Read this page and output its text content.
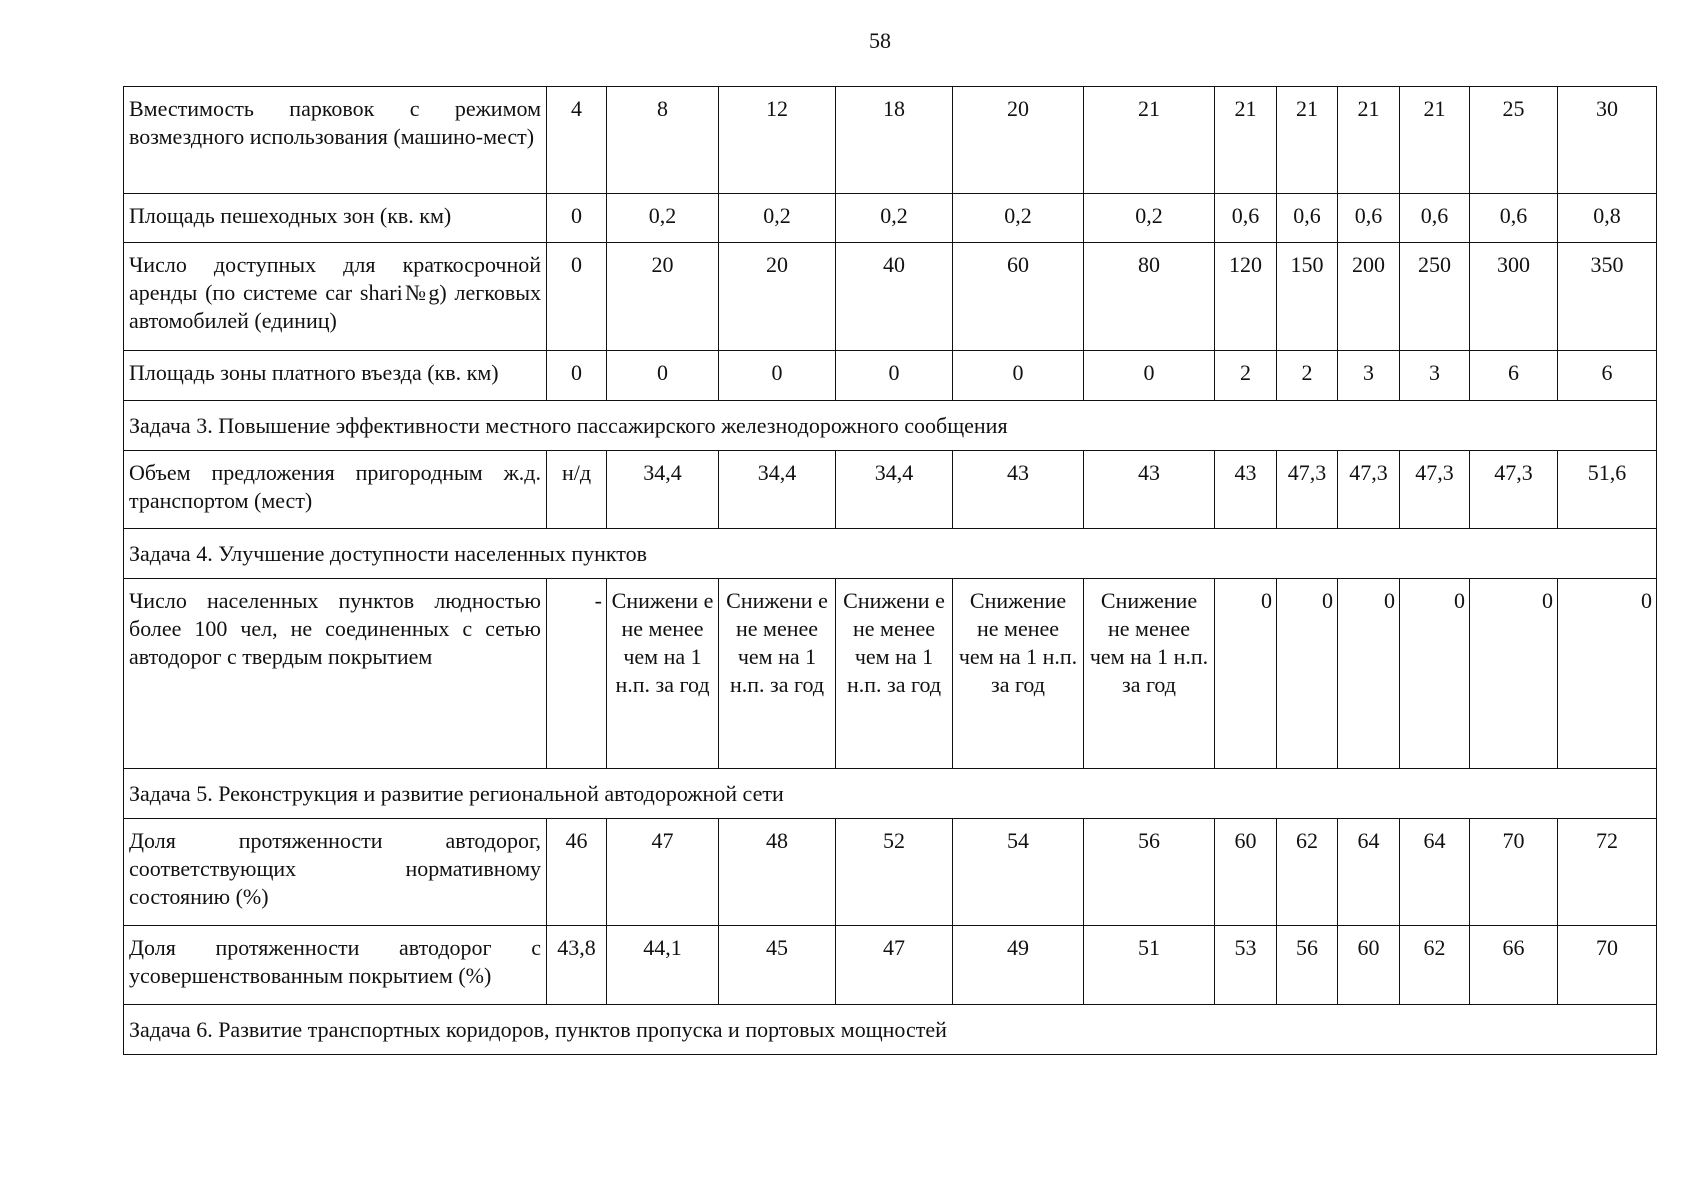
58
Вместимость парковок с режимом возмездного использования (машино-мест)	4	8	12	18	20	21	21	21	21	21	25	30
Площадь пешеходных зон (кв. км)	0	0,2	0,2	0,2	0,2	0,2	0,6	0,6	0,6	0,6	0,6	0,8
Число доступных для краткосрочной аренды (по системе car shari№g) легковых автомобилей (единиц)	0	20	20	40	60	80	120	150	200	250	300	350
Площадь зоны платного въезда (кв. км)	0	0	0	0	0	0	2	2	3	3	6	6
Задача 3. Повышение эффективности местного пассажирского железнодорожного сообщения												
Объем предложения пригородным ж.д. транспортом (мест)	н/д	34,4	34,4	34,4	43	43	43	47,3	47,3	47,3	47,3	51,6
Задача 4. Улучшение доступности населенных пунктов												
Число населенных пунктов людностью более 100 чел, не соединенных с сетью автодорог с твердым покрытием	-	Снижени е не менее чем на 1 н.п. за год	Снижени е не менее чем на 1 н.п. за год	Снижени е не менее чем на 1 н.п. за год	Снижение не менее чем на 1 н.п. за год	Снижение не менее чем на 1 н.п. за год	0	0	0	0	0	0
Задача 5. Реконструкция и развитие региональной автодорожной сети												
Доля протяженности автодорог, соответствующих нормативному состоянию (%)	46	47	48	52	54	56	60	62	64	64	70	72
Доля протяженности автодорог с усовершенствованным покрытием (%)	43,8	44,1	45	47	49	51	53	56	60	62	66	70
Задача 6. Развитие транспортных коридоров, пунктов пропуска и портовых мощностей												
